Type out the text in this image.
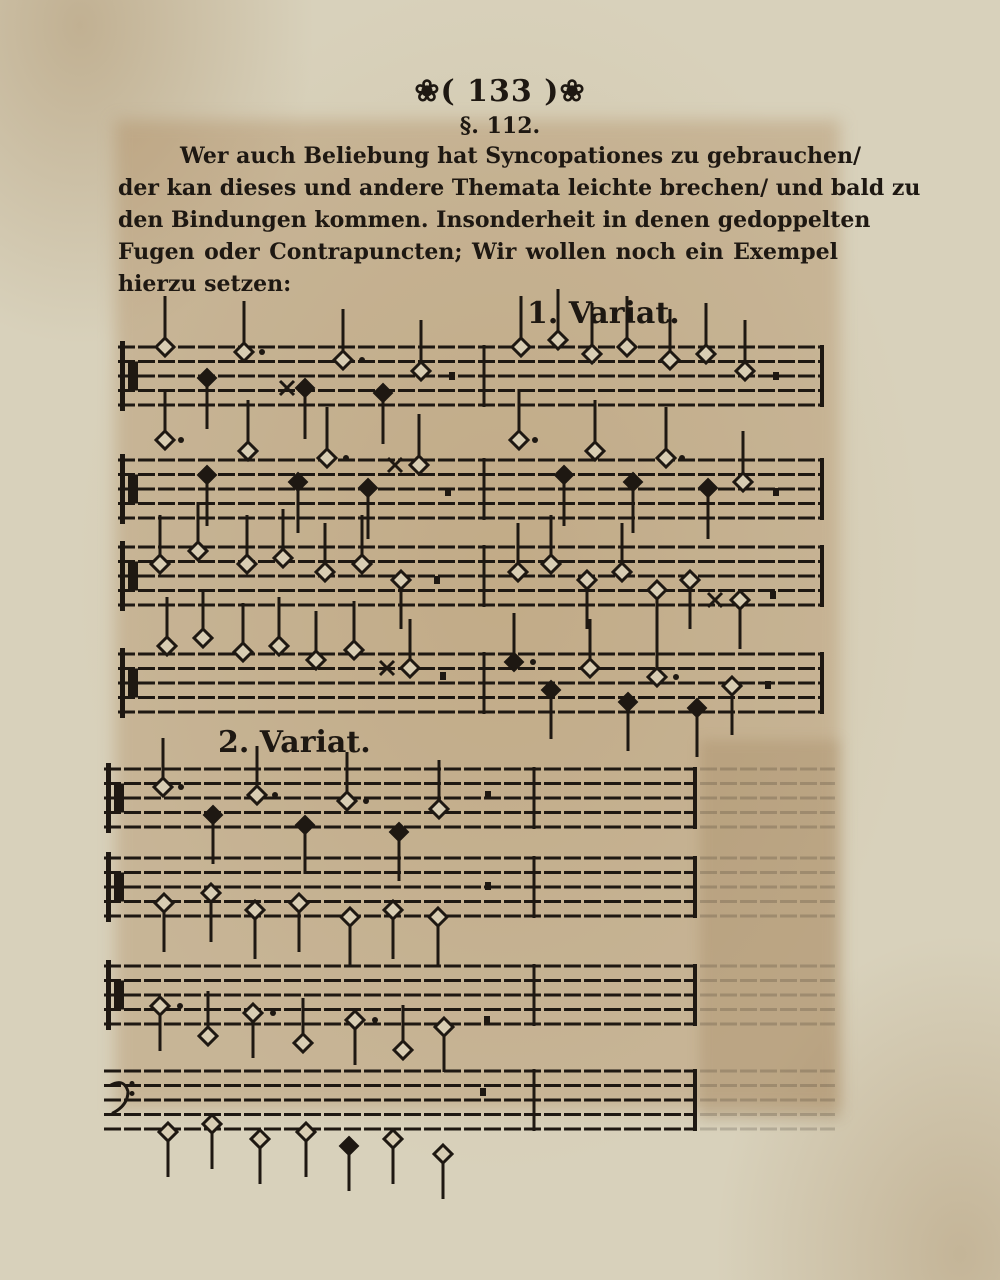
❀( 133 )❀
§. 112.
Wer auch Beliebung hat Syncopationes zu gebrauchen/
der kan dieses und andere Themata leichte brechen/ und bald zu
den Bindungen kommen. Insonderheit in denen gedoppelten
Fugen oder Contrapuncten; Wir wollen noch ein Exempel
hierzu setzen:
1. Variat.
2. Variat.
